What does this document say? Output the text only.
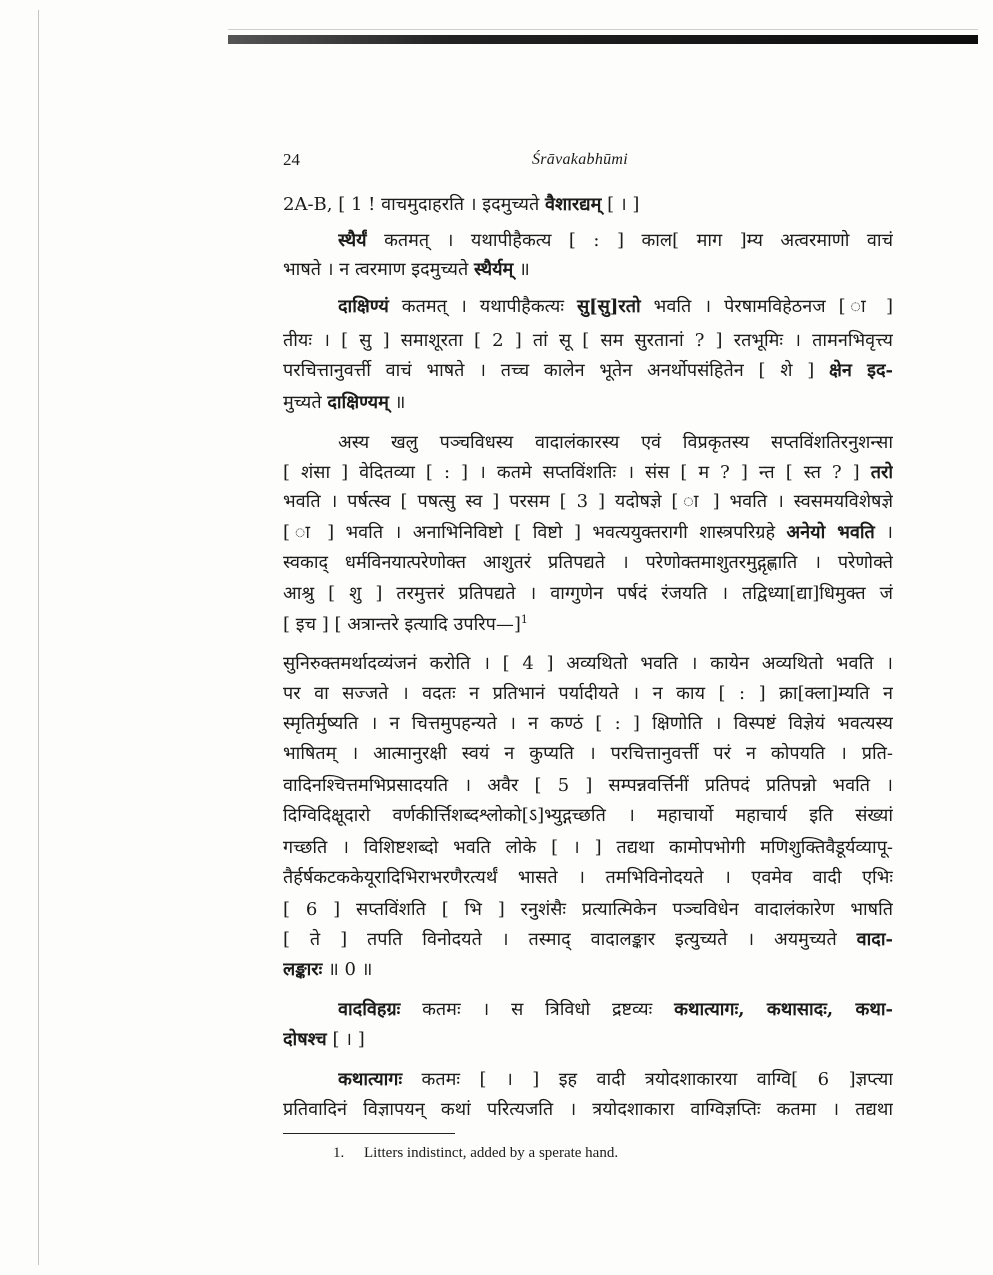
24	Śrāvakabhūmi
2A-B, [ 1 ! वाचमुदाहरति । इदमुच्यते वैशारद्यम् [ । ]
स्थैर्यं कतमत् । यथापीहैकत्य [ : ] काल[ माग ]म्य अत्वरमाणो वाचं
भाषते । न त्वरमाण इदमुच्यते स्थैर्यम् ॥
दाक्षिण्यं कतमत् । यथापीहैकत्यः सु[सु]रतो भवति । पेरषामविहेठनज [ ा ]
तीयः । [ सु ] समाशूरता [ 2 ] तां सू [ सम सुरतानां ? ] रतभूमिः । तामनभिवृत्त्य
परचित्तानुवर्त्ती वाचं भाषते । तच्च कालेन भूतेन अनर्थोपसंहितेन [ शे ] क्षेन इद-
मुच्यते दाक्षिण्यम् ॥
अस्य खलु पञ्चविधस्य वादालंकारस्य एवं विप्रकृतस्य सप्तविंशतिरनुशन्सा
[ शंसा ] वेदितव्या [ : ] । कतमे सप्तविंशतिः । संस [ म ? ] न्त [ स्त ? ] तरो
भवति । पर्षत्स्व [ पषत्सु स्व ] परसम [ 3 ] यदोषज्ञे [ ा ] भवति । स्वसमयविशेषज्ञे
[ ा ] भवति । अनाभिनिविष्टो [ विष्टो ] भवत्ययुक्तरागी शास्त्रपरिग्रहे अनेयो भवति ।
स्वकाद् धर्मविनयात्परेणोक्त आशुतरं प्रतिपद्यते । परेणोक्तमाशुतरमुद्गृह्णाति । परेणोक्ते
आश्रु [ शु ] तरमुत्तरं प्रतिपद्यते । वाग्गुणेन पर्षदं रंजयति । तद्विध्या[द्या]धिमुक्त जं
[ इच ] [ अत्रान्तरे इत्यादि उपरिप—]$^1$
सुनिरुक्तमर्थादव्यंजनं करोति । [ 4 ] अव्यथितो भवति । कायेन अव्यथितो भवति ।
पर वा सज्जते । वदतः न प्रतिभानं पर्यादीयते । न काय [ : ] क्रा[क्ला]म्यति न
स्मृतिर्मुष्यति । न चित्तमुपहन्यते । न कण्ठं [ : ] क्षिणोति । विस्पष्टं विज्ञेयं भवत्यस्य
भाषितम् । आत्मानुरक्षी स्वयं न कुप्यति । परचित्तानुवर्त्ती परं न कोपयति । प्रति-
वादिनश्चित्तमभिप्रसादयति । अवैर [ 5 ] सम्पन्नवर्त्तिनीं प्रतिपदं प्रतिपन्नो भवति ।
दिग्विदिक्षूदारो वर्णकीर्त्तिशब्दश्लोको[ऽ]भ्युद्गच्छति । महाचार्यो महाचार्य इति संख्यां
गच्छति । विशिष्टशब्दो भवति लोके [ । ] तद्यथा कामोपभोगी मणिशुक्तिवैडूर्यव्यापू-
तैर्हर्षकटककेयूरादिभिराभरणैरत्यर्थं भासते । तमभिविनोदयते । एवमेव वादी एभिः
[ 6 ] सप्तविंशति [ भि ] रनुशंसैः प्रत्यात्मिकेन पञ्चविधेन वादालंकारेण भाषति
[ ते ] तपति विनोदयते । तस्माद् वादालङ्कार इत्युच्यते । अयमुच्यते वादा-
लङ्कारः ॥ 0 ॥
वादविहग्रः कतमः । स त्रिविधो द्रष्टव्यः कथात्यागः, कथासादः, कथा-
दोषश्च [ । ]
कथात्यागः कतमः [ । ] इह वादी त्रयोदशाकारया वाग्वि[ 6 ]ज्ञप्त्या
प्रतिवादिनं विज्ञापयन् कथां परित्यजति । त्रयोदशाकारा वाग्विज्ञप्तिः कतमा । तद्यथा
1. Litters indistinct, added by a sperate hand.
